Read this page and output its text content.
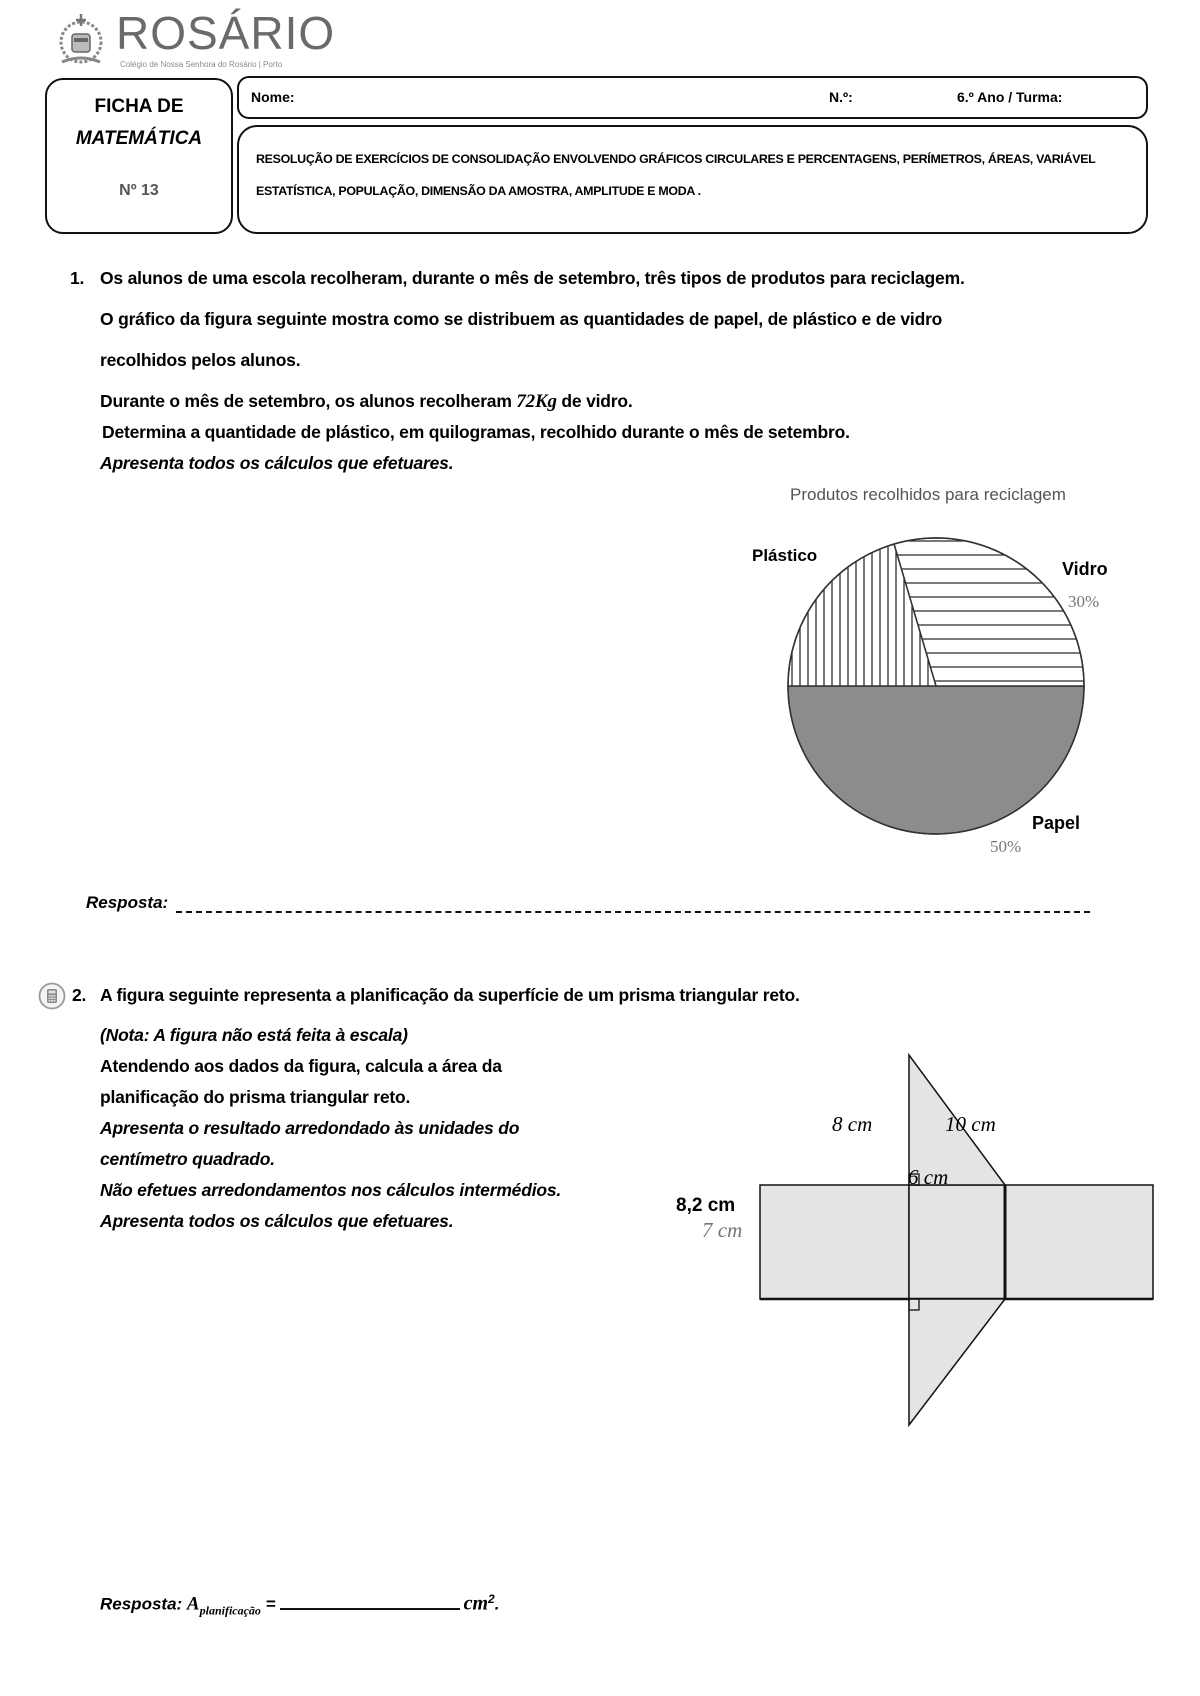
ROSÁRIO
Colégio de Nossa Senhora do Rosário | Porto
FICHA DE
MATEMÁTICA
Nº 13
Nome:	N.º:	6.º Ano / Turma:
RESOLUÇÃO DE EXERCÍCIOS DE CONSOLIDAÇÃO ENVOLVENDO GRÁFICOS CIRCULARES E PERCENTAGENS, PERÍMETROS, ÁREAS, VARIÁVEL ESTATÍSTICA, POPULAÇÃO, DIMENSÃO DA AMOSTRA, AMPLITUDE E MODA .
1. Os alunos de uma escola recolheram, durante o mês de setembro, três tipos de produtos para reciclagem.
O gráfico da figura seguinte mostra como se distribuem as quantidades de papel, de plástico e de vidro
recolhidos pelos alunos.
Durante o mês de setembro, os alunos recolheram 72Kg de vidro.
Determina a quantidade de plástico, em quilogramas, recolhido durante o mês de setembro.
Apresenta todos os cálculos que efetuares.
Produtos recolhidos para reciclagem
Plástico
Vidro
30%
Papel
50%
Resposta:
2. A figura seguinte representa a planificação da superfície de um prisma triangular reto.
(Nota: A figura não está feita à escala)
Atendendo aos dados da figura, calcula a área da
planificação do prisma triangular reto.
Apresenta o resultado arredondado às unidades do
centímetro quadrado.
Não efetues arredondamentos nos cálculos intermédios.
Apresenta todos os cálculos que efetuares.
8 cm	10 cm
6 cm
8,2 cm
7 cm
Resposta: $A_{planificação}$ =	$cm^2$.
